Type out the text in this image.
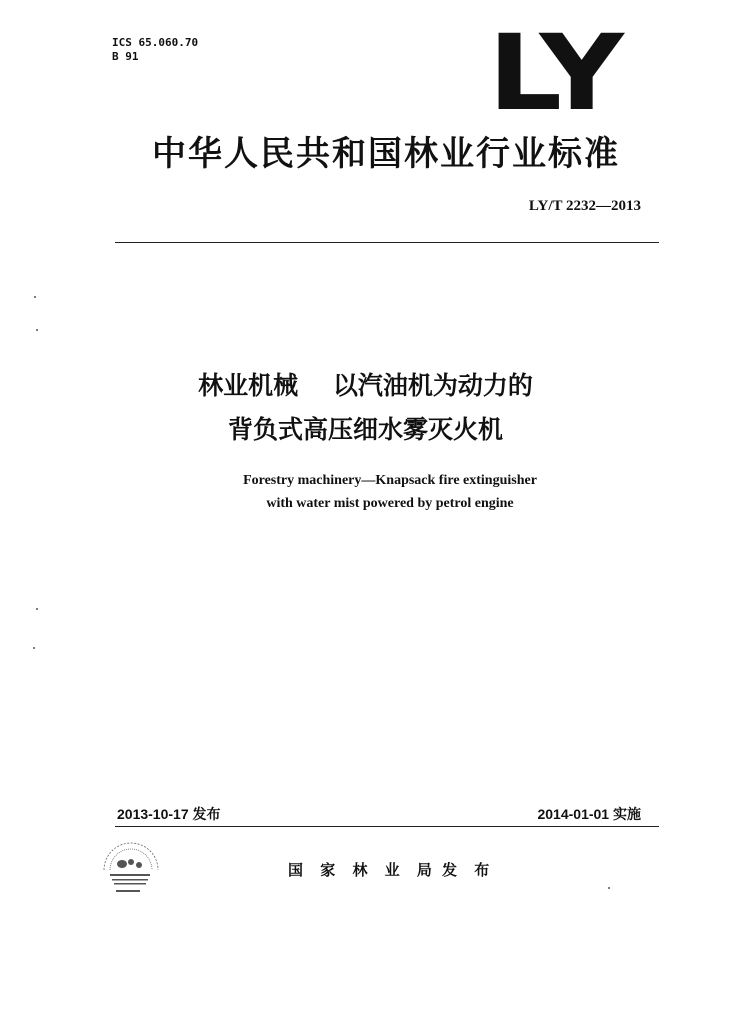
ICS 65.060.70
B 91	LY
中华人民共和国林业行业标准
LY/T 2232—2013
林业机械    以汽油机为动力的
背负式高压细水雾灭火机
Forestry machinery—Knapsack fire extinguisher
with water mist powered by petrol engine
2013-10-17 发布	2014-01-01 实施
国 家 林 业 局 发 布
